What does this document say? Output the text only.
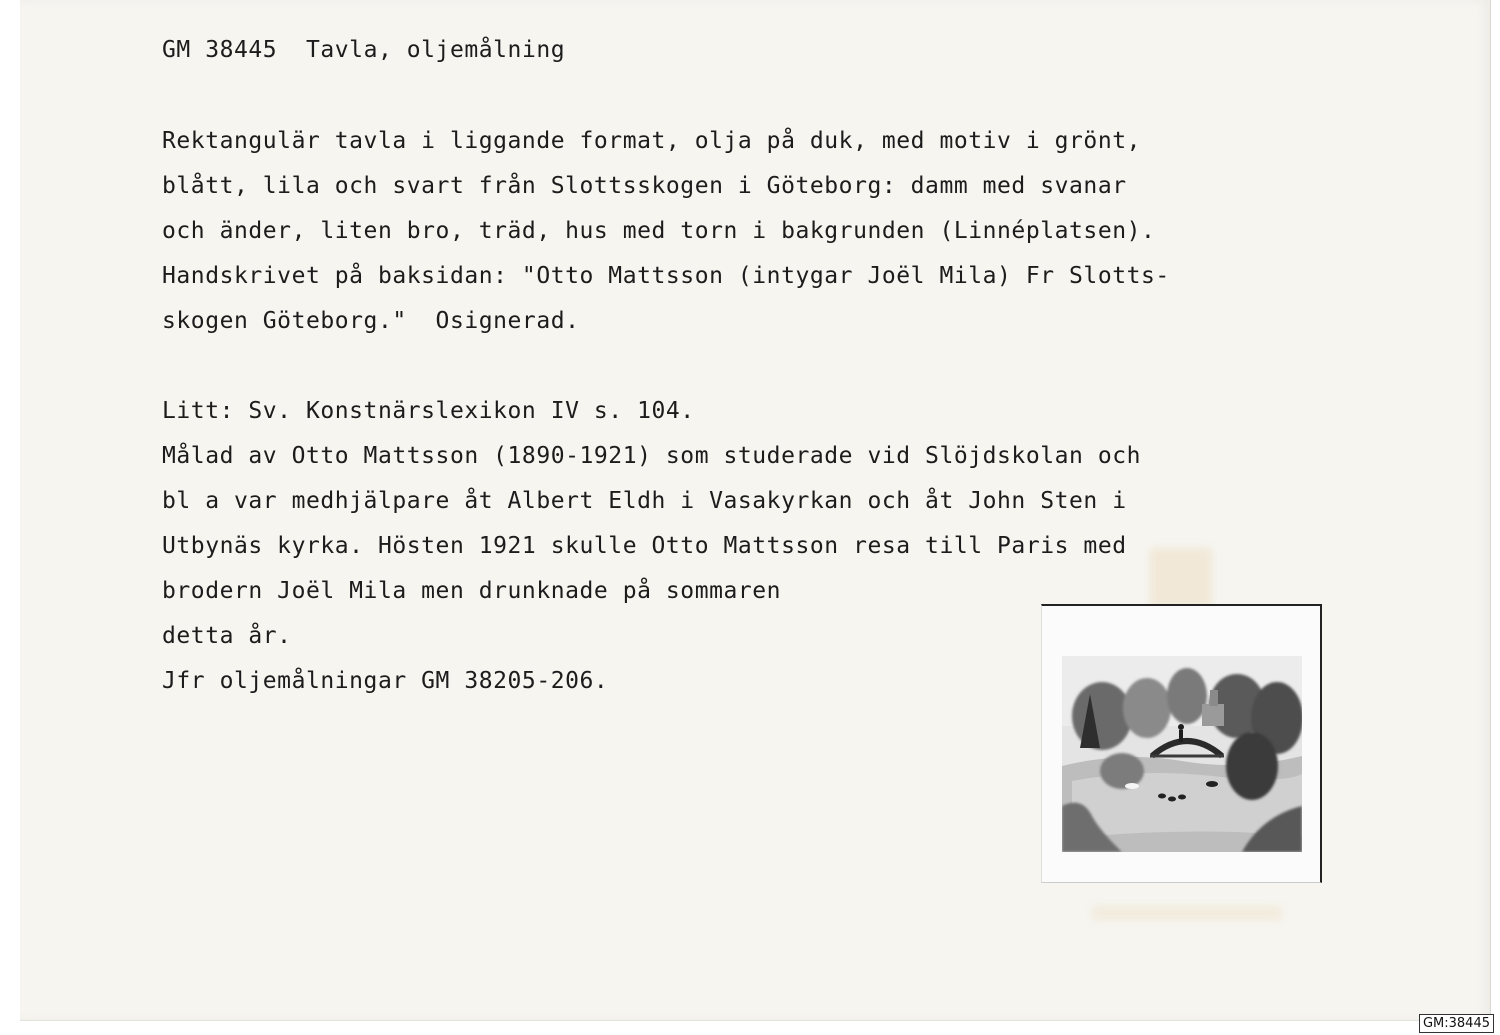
GM 38445 Tavla, oljemålning
Rektangulär tavla i liggande format, olja på duk, med motiv i grönt,
blått, lila och svart från Slottsskogen i Göteborg: damm med svanar
och änder, liten bro, träd, hus med torn i bakgrunden (Linnéplatsen).
Handskrivet på baksidan: "Otto Mattsson (intygar Joël Mila) Fr Slotts-
skogen Göteborg."  Osignerad.
Litt: Sv. Konstnärslexikon IV s. 104.
Målad av Otto Mattsson (1890-1921) som studerade vid Slöjdskolan och
bl a var medhjälpare åt Albert Eldh i Vasakyrkan och åt John Sten i
Utbynäs kyrka. Hösten 1921 skulle Otto Mattsson resa till Paris med
brodern Joël Mila men drunknade på sommaren
detta år.
Jfr oljemålningar GM 38205-206.
GM:38445
